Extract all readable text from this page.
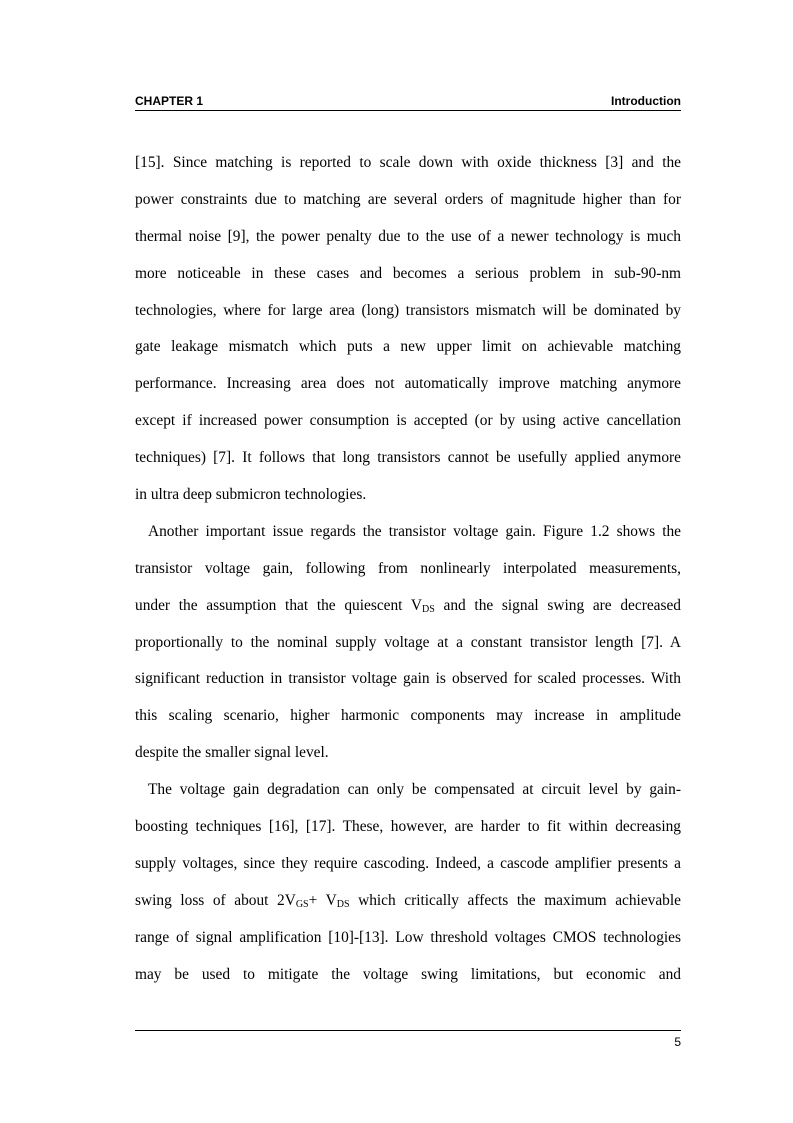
CHAPTER 1	Introduction
[15]. Since matching is reported to scale down with oxide thickness [3] and the
power constraints due to matching are several orders of magnitude higher than for
thermal noise [9], the power penalty due to the use of a newer technology is much
more noticeable in these cases and becomes a serious problem in sub-90-nm
technologies, where for large area (long) transistors mismatch will be dominated by
gate leakage mismatch which puts a new upper limit on achievable matching
performance. Increasing area does not automatically improve matching anymore
except if increased power consumption is accepted (or by using active cancellation
techniques) [7]. It follows that long transistors cannot be usefully applied anymore
in ultra deep submicron technologies.
Another important issue regards the transistor voltage gain. Figure 1.2 shows the
transistor voltage gain, following from nonlinearly interpolated measurements,
under the assumption that the quiescent $V_{DS}$ and the signal swing are decreased
proportionally to the nominal supply voltage at a constant transistor length [7]. A
significant reduction in transistor voltage gain is observed for scaled processes. With
this scaling scenario, higher harmonic components may increase in amplitude
despite the smaller signal level.
The voltage gain degradation can only be compensated at circuit level by gain-
boosting techniques [16], [17]. These, however, are harder to fit within decreasing
supply voltages, since they require cascoding. Indeed, a cascode amplifier presents a
swing loss of about $2V_{GS}+ V_{DS}$ which critically affects the maximum achievable
range of signal amplification [10]-[13]. Low threshold voltages CMOS technologies
may be used to mitigate the voltage swing limitations, but economic and
5
